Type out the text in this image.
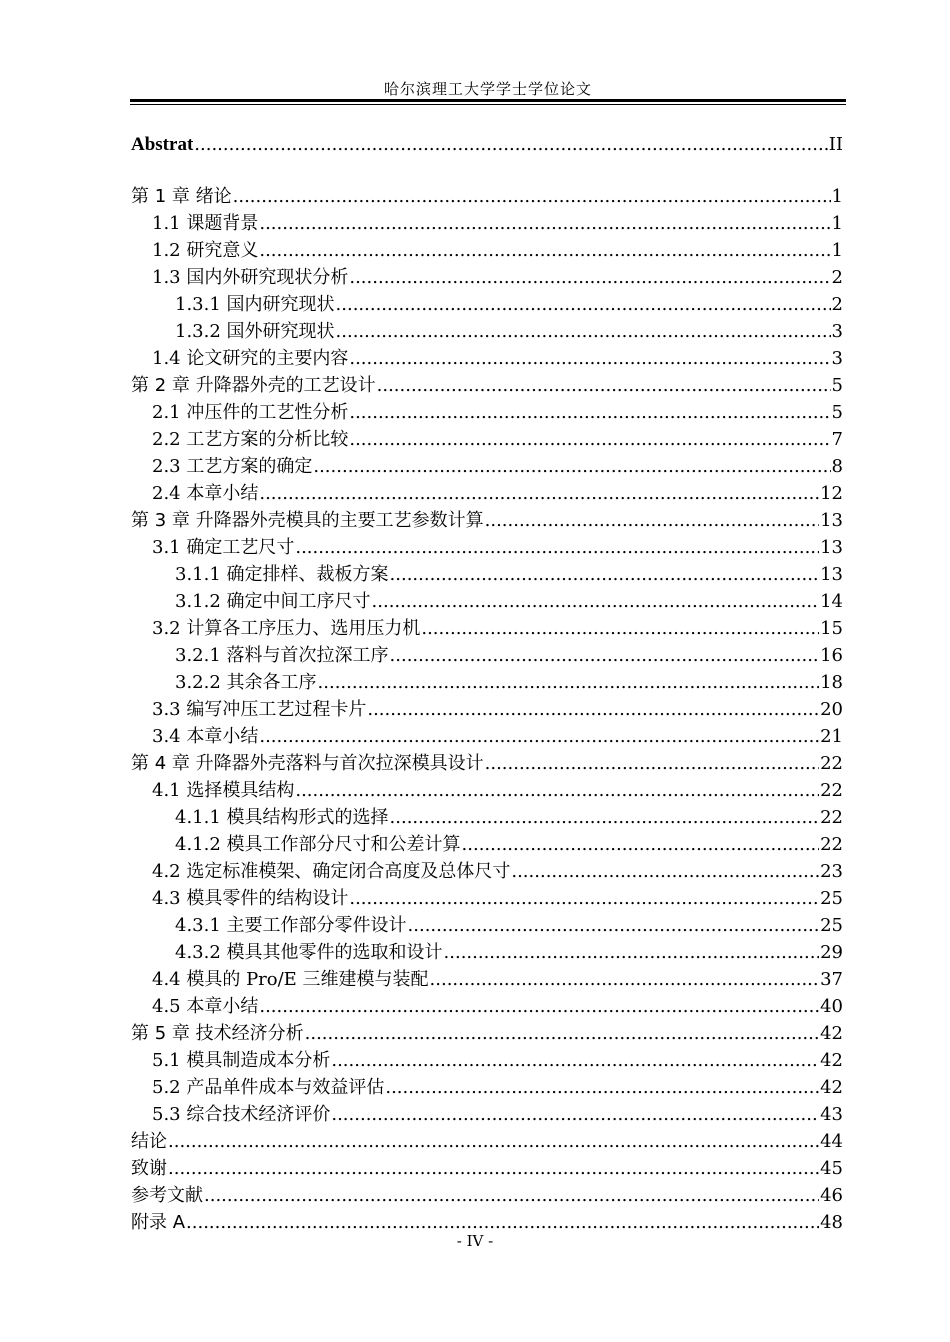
哈尔滨理工大学学士学位论文
Abstrat .....	II
第 1 章 绪论 .....	1
1.1 课题背景 .....	1
1.2 研究意义 .....	1
1.3 国内外研究现状分析 .....	2
1.3.1 国内研究现状 .....	2
1.3.2 国外研究现状 .....	3
1.4 论文研究的主要内容 .....	3
第 2 章 升降器外壳的工艺设计 .....	5
2.1 冲压件的工艺性分析 .....	5
2.2 工艺方案的分析比较 .....	7
2.3 工艺方案的确定 .....	8
2.4 本章小结 .....	12
第 3 章 升降器外壳模具的主要工艺参数计算 .....	13
3.1 确定工艺尺寸 .....	13
3.1.1 确定排样、裁板方案 .....	13
3.1.2 确定中间工序尺寸 .....	14
3.2 计算各工序压力、选用压力机 .....	15
3.2.1 落料与首次拉深工序 .....	16
3.2.2 其余各工序 .....	18
3.3 编写冲压工艺过程卡片 .....	20
3.4 本章小结 .....	21
第 4 章 升降器外壳落料与首次拉深模具设计 .....	22
4.1 选择模具结构 .....	22
4.1.1 模具结构形式的选择 .....	22
4.1.2 模具工作部分尺寸和公差计算 .....	22
4.2 选定标准模架、确定闭合高度及总体尺寸 .....	23
4.3 模具零件的结构设计 .....	25
4.3.1 主要工作部分零件设计 .....	25
4.3.2 模具其他零件的选取和设计 .....	29
4.4 模具的 Pro/E 三维建模与装配 .....	37
4.5 本章小结 .....	40
第 5 章 技术经济分析 .....	42
5.1 模具制造成本分析 .....	42
5.2 产品单件成本与效益评估 .....	42
5.3 综合技术经济评价 .....	43
结论 .....	44
致谢 .....	45
参考文献 .....	46
附录 A .....	48
- IV -
